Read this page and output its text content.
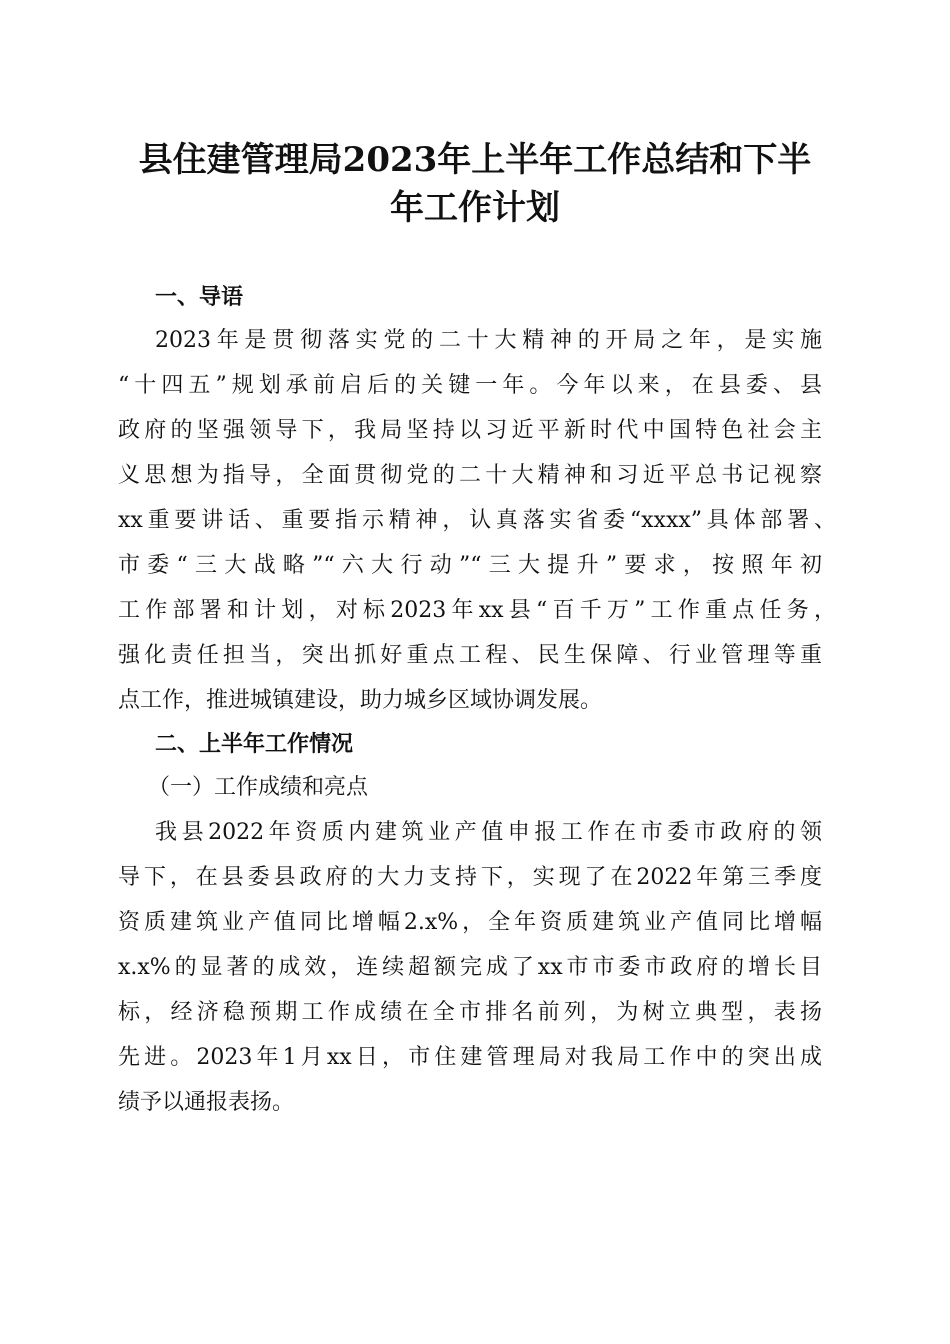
县住建管理局2023年上半年工作总结和下半
年工作计划
一、导语
2023年是贯彻落实党的二十大精神的开局之年，是实施
“十四五”规划承前启后的关键一年。今年以来，在县委、县
政府的坚强领导下，我局坚持以习近平新时代中国特色社会主
义思想为指导，全面贯彻党的二十大精神和习近平总书记视察
xx重要讲话、重要指示精神，认真落实省委“xxxx”具体部署、
市委“三大战略”“六大行动”“三大提升”要求，按照年初
工作部署和计划，对标2023年xx县“百千万”工作重点任务，
强化责任担当，突出抓好重点工程、民生保障、行业管理等重
点工作，推进城镇建设，助力城乡区域协调发展。
二、上半年工作情况
（一）工作成绩和亮点
我县2022年资质内建筑业产值申报工作在市委市政府的领
导下，在县委县政府的大力支持下，实现了在2022年第三季度
资质建筑业产值同比增幅2.x%，全年资质建筑业产值同比增幅
x.x%的显著的成效，连续超额完成了xx市市委市政府的增长目
标，经济稳预期工作成绩在全市排名前列，为树立典型，表扬
先进。2023年1月xx日，市住建管理局对我局工作中的突出成
绩予以通报表扬。
